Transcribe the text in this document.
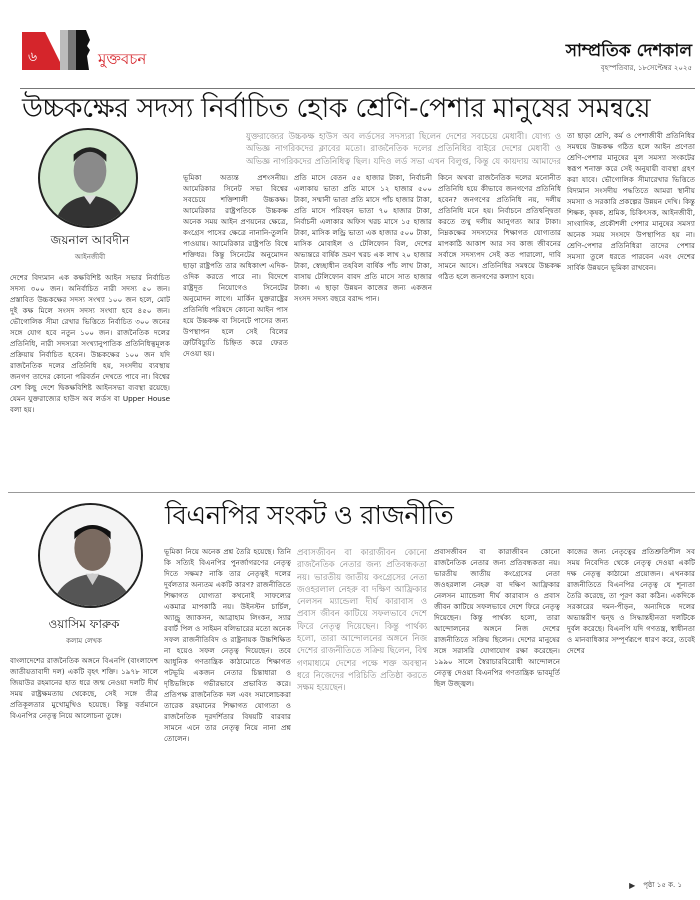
৬	মুক্তবচন	সাম্প্রতিক দেশকাল
বৃহস্পতিবার, ১৮সেপ্টেম্বর ২০২৫
উচ্চকক্ষের সদস্য নির্বাচিত হোক শ্রেণি-পেশার মানুষের সমন্বয়ে
জয়নাল আবদীন
আইনজীবী
যুক্তরাজ্যের উচ্চকক্ষ হাউস অব লর্ডসের সদস্যরা ছিলেন দেশের সবচেয়ে মেধাবী। যোগ্য ও অভিজ্ঞ নাগরিকদের ক্লাবের মতো। রাজনৈতিক দলের প্রতিনিধির বাইরে দেশের মেধাবী ও অভিজ্ঞ নাগরিকদের প্রতিনিধিত্ব ছিল। যদিও লর্ড সভা এখন বিলুপ্ত, কিন্তু যে কায়দায় আমাদের
দেশের বিদ্যমান এক কক্ষবিশিষ্ট আইন সভার নির্বাচিত সদস্য ৩০০ জন। অনির্বাচিত নারী সদস্য ৫০ জন। প্রস্তাবিত উচ্চকক্ষের সদস্য সংখ্যা ১০০ জন হলে, মোট দুই কক্ষ মিলে সংসদ সদস্য সংখ্যা হবে ৪৫০ জন। ভৌগোলিক সীমা রেখার ভিত্তিতে নির্বাচিত ৩০০ জনের সঙ্গে যোগ হবে নতুন ১০০ জন। রাজনৈতিক দলের প্রতিনিধি, নারী সদস্যরা সংখ্যানুপাতিক প্রতিনিধিত্বমূলক প্রক্রিয়ায় নির্বাচিত হবেন। উচ্চকক্ষের ১০০ জন যদি রাজনৈতিক দলের প্রতিনিধি হয়, সংসদীয় ব্যবস্থায় জনগণ তাদের কোনো পরিবর্তন দেখতে পাবে না। বিশ্বের বেশ কিছু দেশে দ্বিকক্ষবিশিষ্ট আইনসভা ব্যবস্থা রয়েছে। যেমন যুক্তরাজ্যের হাউস অব লর্ডস বা Upper House বলা হয়।
ভূমিকা অত্যন্ত প্রশংসনীয়। আমেরিকার সিনেট সভা বিশ্বের সবচেয়ে শক্তিশালী উচ্চকক্ষ। আমেরিকার রাষ্ট্রপতিকে উচ্চকক্ষ অনেক সময় আইন প্রণয়নের ক্ষেত্রে, কংগ্রেস পাসের ক্ষেত্রে নানানি-তুলনি পাওয়ায়। আমেরিকার রাষ্ট্রপতি বিশ্বে শক্তিধর। কিন্তু সিনেটের অনুমোদন ছাড়া রাষ্ট্রপতি তার অধিকাংশ এদিক-ওদিক করতে পারে না। বিদেশে রাষ্ট্রদূত নিয়োগেও সিনেটের অনুমোদন লাগে। মার্কিন যুক্তরাষ্ট্রের প্রতিনিধি পরিষদে কোনো আইন পাস হয়ে উচ্চকক্ষ বা সিনেটে পাসের জন্য উপস্থাপন হলে সেই বিলের ত্রুটিবিচ্যুতি চিহ্নিত করে ফেরত দেওয়া হয়।
প্রতি মাসে বেতন ৫৫ হাজার টাকা, নির্বাচনী এলাকায় ভাতা প্রতি মাসে ১২ হাজার ৫০০ টাকা, সম্মানী ভাতা প্রতি মাসে পাঁচ হাজার টাকা, প্রতি মাসে পরিবহন ভাতা ৭০ হাজার টাকা, নির্বাচনী এলাকার অফিস খরচ মাসে ১৫ হাজার টাকা, মাসিক লন্ড্রি ভাতা এক হাজার ৫০০ টাকা, মাসিক মোবাইল ও টেলিফোন বিল, দেশের অভ্যন্তরে বার্ষিক ভ্রমণ খরচ এক লাখ ২০ হাজার টাকা, স্বেচ্ছাধীন তহবিল বার্ষিক পাঁচ লাখ টাকা, বাসায় টেলিফোন বাবদ প্রতি মাসে সাত হাজার টাকা। এ ছাড়া উন্নয়ন কাজের জন্য একজন সংসদ সদস্য বছরে বরাদ্দ পান।
কিনে অথবা রাজনৈতিক দলের মনোনীত প্রতিনিধি হয়ে কীভাবে জনগণের প্রতিনিধি হবেন? জনগণের প্রতিনিধি নয়, দলীয় প্রতিনিধি মনে হয়। নির্বাচনে প্রতিদ্বন্দ্বিতা করতে তথু দলীয় আনুগত্য আর টাকা। নিম্নকক্ষের সদস্যদের শিক্ষাগত যোগ্যতার মাপকাঠি আকাশ আর সব কাজ জীবনের সর্বাঙ্গে সদস্যপদ সেই কত পারালো, দাবি সামনে আসে। প্রতিনিধির সমন্বয়ে উচ্চকক্ষ গঠিত হলে জনগণের কল্যাণ হবে।
তা ছাড়া শ্রেণি, কর্ম ও পেশাজীবী প্রতিনিধির সমন্বয়ে উচ্চকক্ষ গঠিত হলে আইন প্রণেতা শ্রেণি-পেশার মানুষের মূল সমস্যা সংকটের স্বরূপ শনাক্ত করে সেই অনুযায়ী ব্যবস্থা গ্রহণ করা যাবে। ভৌগোলিক সীমারেখার ভিত্তিতে বিদ্যমান সংসদীয় পদ্ধতিতে আমরা স্থানীয় সমস্যা ও সরকারি প্রকল্পের উন্নয়ন দেখি। কিন্তু শিক্ষক, কৃষক, শ্রমিক, চিকিৎসক, আইনজীবী, সাংবাদিক, প্রকৌশলী পেশার মানুষের সমস্যা অনেক সময় সংসদে উপস্থাপিত হয় না। শ্রেণি-পেশার প্রতিনিধিরা তাদের পেশার সমস্যা তুলে ধরতে পারবেন এবং দেশের সার্বিক উন্নয়নে ভূমিকা রাখবেন।
বিএনপির সংকট ও রাজনীতি
ওয়াসিম ফারুক
কলাম লেখক
বাংলাদেশের রাজনৈতিক অঙ্গনে বিএনপি (বাংলাদেশ জাতীয়তাবাদী দল) একটি বৃহৎ শক্তি। ১৯৭৮ সালে জিয়াউর রহমানের হাত ধরে জন্ম নেওয়া দলটি দীর্ঘ সময় রাষ্ট্রক্ষমতায় থেকেছে, সেই সঙ্গে তীব্র প্রতিকূলতার মুখোমুখিও হয়েছে। কিন্তু বর্তমানে বিএনপির নেতৃত্ব নিয়ে আলোচনা তুঙ্গে।
ভূমিকা নিয়ে অনেক প্রশ্ন তৈরি হয়েছে। তিনি কি সত্যিই বিএনপির পুনর্জাগরণের নেতৃত্ব দিতে সক্ষম? নাকি তার নেতৃত্বই দলের দুর্বলতার অন্যতম একটি কারণ? রাজনীতিতে শিক্ষাগত যোগ্যতা কখনোই সাফল্যের একমাত্র মাপকাঠি নয়। উইনস্টন চার্চিল, অ্যান্ড্রু জ্যাকসন, আব্রাহাম লিংকন, স্যার রবার্ট পিল ও সাইমন বলিভারের মতো অনেক সফল রাজনীতিবিদ ও রাষ্ট্রনায়ক উচ্চশিক্ষিত না হয়েও সফল নেতৃত্ব দিয়েছেন। তবে আধুনিক গণতান্ত্রিক কাঠামোতে শিক্ষাগত পটভূমি একজন নেতার চিন্তাধারা ও দৃষ্টিভঙ্গিকে গভীরভাবে প্রভাবিত করে। প্রতিপক্ষ রাজনৈতিক দল এবং সমালোচকরা তারেক রহমানের শিক্ষাগত যোগ্যতা ও রাজনৈতিক দূরদর্শিতার বিষয়টি বারবার সামনে এনে তার নেতৃত্ব নিয়ে নানা প্রশ্ন তোলেন।
প্রবাসজীবন বা কারাজীবন কোনো রাজনৈতিক নেতার জন্য প্রতিবন্ধকতা নয়। ভারতীয় জাতীয় কংগ্রেসের নেতা জওহরলাল নেহরু বা দক্ষিণ আফ্রিকার নেলসন ম্যান্ডেলা দীর্ঘ কারাবাস ও প্রবাস জীবন কাটিয়ে সফলভাবে দেশে ফিরে নেতৃত্ব দিয়েছেন। কিন্তু পার্থক্য হলো, তারা আন্দোলনের অঙ্গনে নিজ দেশের রাজনীতিতে সক্রিয় ছিলেন, বিশ্ব গণমাধ্যমে দেশের পক্ষে শক্ত অবস্থান ধরে নিজেদের পরিচিতি প্রতিষ্ঠা করতে সক্ষম হয়েছেন।
প্রবাসজীবন বা কারাজীবন কোনো রাজনৈতিক নেতার জন্য প্রতিবন্ধকতা নয়। ভারতীয় জাতীয় কংগ্রেসের নেতা জওহরলাল নেহরু বা দক্ষিণ আফ্রিকার নেলসন ম্যান্ডেলা দীর্ঘ কারাবাস ও প্রবাস জীবন কাটিয়ে সফলভাবে দেশে ফিরে নেতৃত্ব দিয়েছেন। কিন্তু পার্থক্য হলো, তারা আন্দোলনের অঙ্গনে নিজ দেশের রাজনীতিতে সক্রিয় ছিলেন। দেশের মানুষের সঙ্গে সরাসরি যোগাযোগ রক্ষা করেছেন। ১৯৯০ সালে স্বৈরাচারবিরোধী আন্দোলনে নেতৃত্ব দেওয়া বিএনপির গণতান্ত্রিক ভাবমূর্তি ছিল উজ্জ্বল।
কাজের জন্য নেতৃত্বের প্রতিশ্রুতিশীল সব সময় নিবেদিত থেকে নেতৃত্ব দেওয়া একটি দক্ষ নেতৃত্ব কাঠামো প্রয়োজন। এখনকার রাজনীতিতে বিএনপির নেতৃত্ব যে শূন্যতা তৈরি করেছে, তা পূরণ করা কঠিন। একদিকে সরকারের দমন-পীড়ন, অন্যদিকে দলের অভ্যন্তরীণ দ্বন্দ্ব ও সিদ্ধান্তহীনতা দলটিকে দুর্বল করেছে। বিএনপি যদি গণতন্ত্র, স্বাধীনতা ও মানবাধিকার সম্পূর্ণরূপে ধারণ করে, তবেই দেশের
▶ পৃষ্ঠা ১৫ ক. ১
